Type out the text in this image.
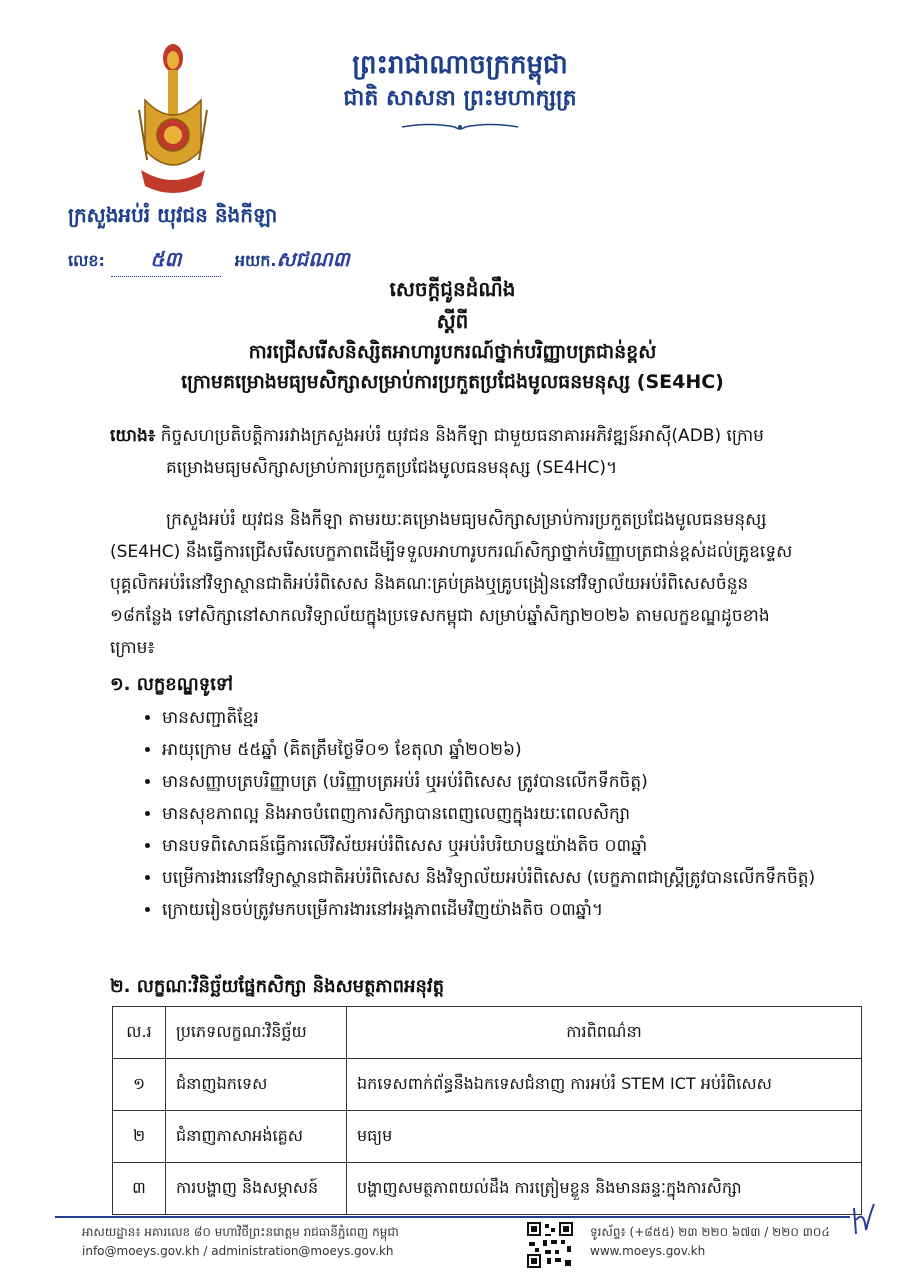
ព្រះរាជាណាចក្រកម្ពុជា
ជាតិ សាសនា ព្រះមហាក្សត្រ
ក្រសួងអប់រំ យុវជន និងកីឡា
លេខ:	៥៣	អយក. សជណ៣
សេចក្ដីជូនដំណឹង
ស្ដីពី
ការជ្រើសរើសនិស្សិតអាហារូបករណ៍ថ្នាក់បរិញ្ញាបត្រជាន់ខ្ពស់
ក្រោមគម្រោងមធ្យមសិក្សាសម្រាប់ការប្រកួតប្រជែងមូលធនមនុស្ស (SE4HC)
យោង៖ កិច្ចសហប្រតិបត្តិការរវាងក្រសួងអប់រំ យុវជន និងកីឡា ជាមួយធនាគារអភិវឌ្ឍន៍អាស៊ី(ADB) ក្រោម
គម្រោងមធ្យមសិក្សាសម្រាប់ការប្រកួតប្រជែងមូលធនមនុស្ស (SE4HC)។
ក្រសួងអប់រំ យុវជន និងកីឡា តាមរយៈគម្រោងមធ្យមសិក្សាសម្រាប់ការប្រកួតប្រជែងមូលធនមនុស្ស
(SE4HC) នឹងធ្វើការជ្រើសរើសបេក្ខភាពដើម្បីទទួលអាហារូបករណ៍សិក្សាថ្នាក់បរិញ្ញាបត្រជាន់ខ្ពស់ដល់គ្រូឧទ្ទេស
បុគ្គលិកអប់រំនៅវិទ្យាស្ថានជាតិអប់រំពិសេស និងគណៈគ្រប់គ្រងឬគ្រូបង្រៀននៅវិទ្យាល័យអប់រំពិសេសចំនួន
១៨កន្លែង ទៅសិក្សានៅសាកលវិទ្យាល័យក្នុងប្រទេសកម្ពុជា សម្រាប់ឆ្នាំសិក្សា២០២៦ តាមលក្ខខណ្ឌដូចខាង
ក្រោម៖
១. លក្ខខណ្ឌទូទៅ
• មានសញ្ជាតិខ្មែរ
• អាយុក្រោម ៥៥ឆ្នាំ (គិតត្រឹមថ្ងៃទី០១ ខែតុលា ឆ្នាំ២០២៦)
• មានសញ្ញាបត្របរិញ្ញាបត្រ (បរិញ្ញាបត្រអប់រំ ឬអប់រំពិសេស ត្រូវបានលើកទឹកចិត្ត)
• មានសុខភាពល្អ និងអាចបំពេញការសិក្សាបានពេញលេញក្នុងរយៈពេលសិក្សា
• មានបទពិសោធន៍ធ្វើការលើវិស័យអប់រំពិសេស ឬអប់រំបរិយាបន្នយ៉ាងតិច ០៣ឆ្នាំ
• បម្រើការងារនៅវិទ្យាស្ថានជាតិអប់រំពិសេស និងវិទ្យាល័យអប់រំពិសេស (បេក្ខភាពជាស្ត្រីត្រូវបានលើកទឹកចិត្ត)
• ក្រោយរៀនចប់ត្រូវមកបម្រើការងារនៅអង្គភាពដើមវិញយ៉ាងតិច ០៣ឆ្នាំ។
២. លក្ខណៈវិនិច្ឆ័យផ្នែកសិក្សា និងសមត្ថភាពអនុវត្ត
ល.រ	ប្រភេទលក្ខណៈវិនិច្ឆ័យ	ការពិពណ៌នា
១	ជំនាញឯកទេស	ឯកទេសពាក់ព័ន្ធនឹងឯកទេសជំនាញ ការអប់រំ STEM ICT អប់រំពិសេស
២	ជំនាញភាសាអង់គ្លេស	មធ្យម
៣	ការបង្ហាញ និងសម្ភាសន៍	បង្ហាញសមត្ថភាពយល់ដឹង ការត្រៀមខ្លួន និងមានឆន្ទៈក្នុងការសិក្សា
អាសយដ្ឋាន៖ អគារលេខ ៨០ មហាវិថីព្រះនរោត្តម រាជធានីភ្នំពេញ កម្ពុជា
info@moeys.gov.kh / administration@moeys.gov.kh
ទូរស័ព្ទ៖ (+៨៥៥) ២៣ ២២០ ៦៧៣ / ២២០ ៣០៤
www.moeys.gov.kh
